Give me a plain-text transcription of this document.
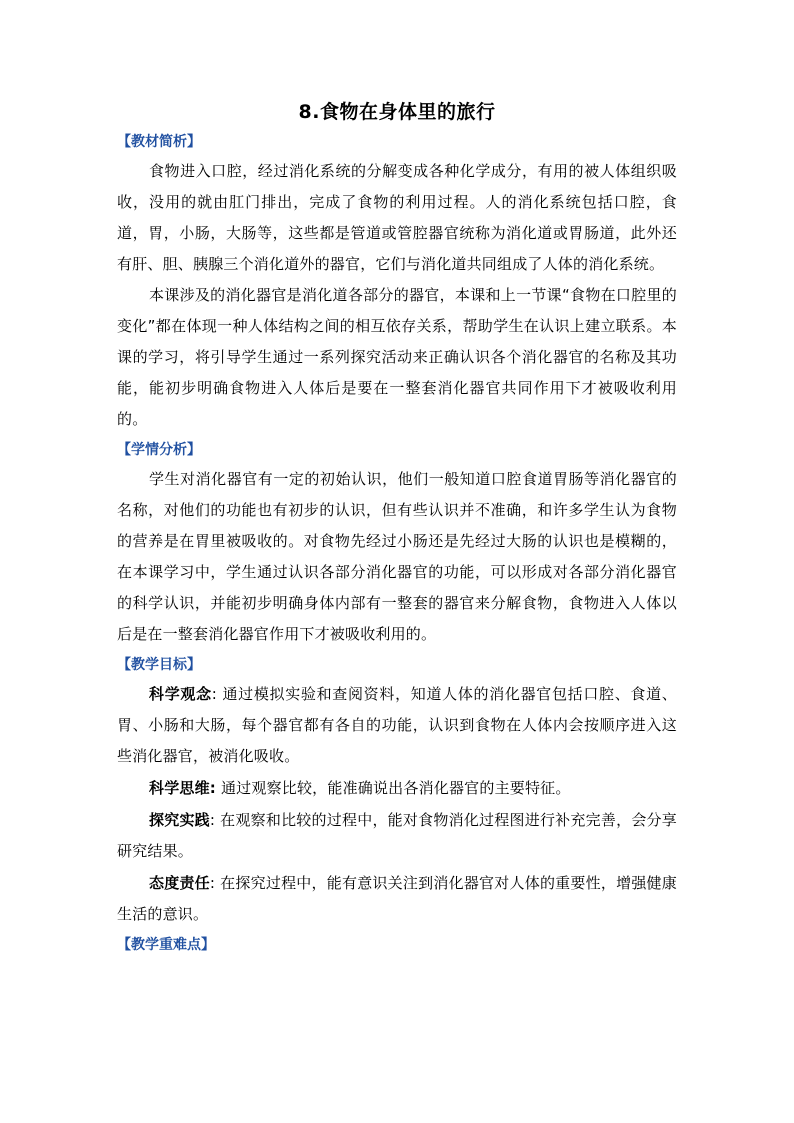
8.食物在身体里的旅行
【教材简析】

食物进入口腔，经过消化系统的分解变成各种化学成分，有用的被人体组织吸收，没用的就由肛门排出，完成了食物的利用过程。人的消化系统包括口腔，食道，胃，小肠，大肠等，这些都是管道或管腔器官统称为消化道或胃肠道，此外还有肝、胆、胰腺三个消化道外的器官，它们与消化道共同组成了人体的消化系统。

本课涉及的消化器官是消化道各部分的器官，本课和上一节课“食物在口腔里的变化”都在体现一种人体结构之间的相互依存关系，帮助学生在认识上建立联系。本课的学习，将引导学生通过一系列探究活动来正确认识各个消化器官的名称及其功能，能初步明确食物进入人体后是要在一整套消化器官共同作用下才被吸收利用的。

【学情分析】

学生对消化器官有一定的初始认识，他们一般知道口腔食道胃肠等消化器官的名称，对他们的功能也有初步的认识，但有些认识并不准确，和许多学生认为食物的营养是在胃里被吸收的。对食物先经过小肠还是先经过大肠的认识也是模糊的，在本课学习中，学生通过认识各部分消化器官的功能，可以形成对各部分消化器官的科学认识，并能初步明确身体内部有一整套的器官来分解食物，食物进入人体以后是在一整套消化器官作用下才被吸收利用的。

【教学目标】

科学观念: 通过模拟实验和查阅资料，知道人体的消化器官包括口腔、食道、胃、小肠和大肠，每个器官都有各自的功能，认识到食物在人体内会按顺序进入这些消化器官，被消化吸收。

科学思维: 通过观察比较，能准确说出各消化器官的主要特征。

探究实践: 在观察和比较的过程中，能对食物消化过程图进行补充完善，会分享研究结果。

态度责任: 在探究过程中，能有意识关注到消化器官对人体的重要性，增强健康生活的意识。

【教学重难点】
